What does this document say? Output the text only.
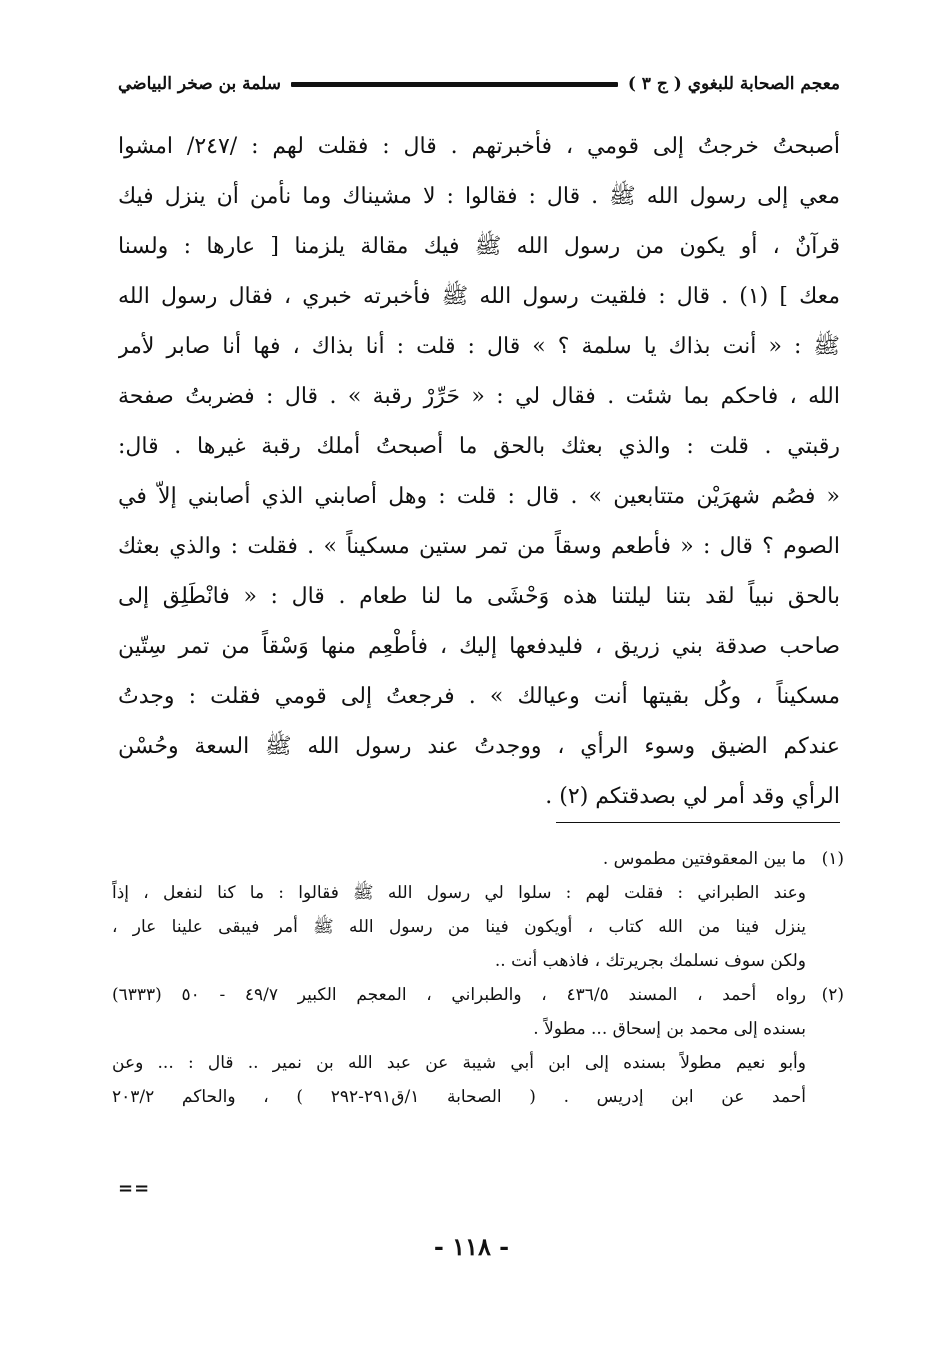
معجم الصحابة للبغوي ( ج ٣ )
سلمة بن صخر البياضي
أصبحتُ خرجتُ إلى قومي ، فأخبرتهم . قال : فقلت لهم : /٢٤٧/ امشوا
معي إلى رسول الله ﷺ . قال : فقالوا : لا مشيناك وما نأمن أن ينزل فيك
قرآنٌ ، أو يكون من رسول الله ﷺ فيك مقالة يلزمنا [ عارها : ولسنا
معك ] (١) . قال : فلقيت رسول الله ﷺ فأخبرته خبري ، فقال رسول الله
ﷺ : « أنت بذاك يا سلمة ؟ » قال : قلت : أنا بذاك ، فها أنا صابر لأمر
الله ، فاحكم بما شئت . فقال لي : « حَرِّرْ رقبة » . قال : فضربتُ صفحة
رقبتي . قلت : والذي بعثك بالحق ما أصبحتُ أملك رقبة غيرها . قال:
« فصُم شهرَيْن متتابعين » . قال : قلت : وهل أصابني الذي أصابني إلاّ في
الصوم ؟ قال : « فأطعم وسقاً من تمر ستين مسكيناً » . فقلت : والذي بعثك
بالحق نبياً لقد بتنا ليلتنا هذه وَحْشَى ما لنا طعام . قال : « فانْطَلِق إلى
صاحب صدقة بني زريق ، فليدفعها إليك ، فأطْعِم منها وَسْقاً من تمر سِتّين
مسكيناً ، وكُل بقيتها أنت وعيالك » . فرجعتُ إلى قومي فقلت : وجدتُ
عندكم الضيق وسوء الرأي ، ووجدتُ عند رسول الله ﷺ السعة وحُسْن
الرأي وقد أمر لي بصدقتكم (٢) .
(١)
ما بين المعقوفتين مطموس .
وعند الطبراني : فقلت لهم : سلوا لي رسول الله ﷺ فقالوا : ما كنا لنفعل ، إذاً
ينزل فينا من الله كتاب ، أويكون فينا من رسول الله ﷺ أمر فيبقى علينا عار ،
ولكن سوف نسلمك بجريرتك ، فاذهب أنت ..
(٢)
رواه أحمد ، المسند ٤٣٦/٥ ، والطبراني ، المعجم الكبير ٤٩/٧ - ٥٠ (٦٣٣٣)
بسنده إلى محمد بن إسحاق ... مطولاً .
وأبو نعيم مطولاً بسنده إلى ابن أبي شيبة عن عبد الله بن نمير .. قال : ... وعن
أحمد عن ابن إدريس . ( الصحابة ١/ق٢٩١-٢٩٢ ) ، والحاكم ٢٠٣/٢
==
- ١١٨ -
